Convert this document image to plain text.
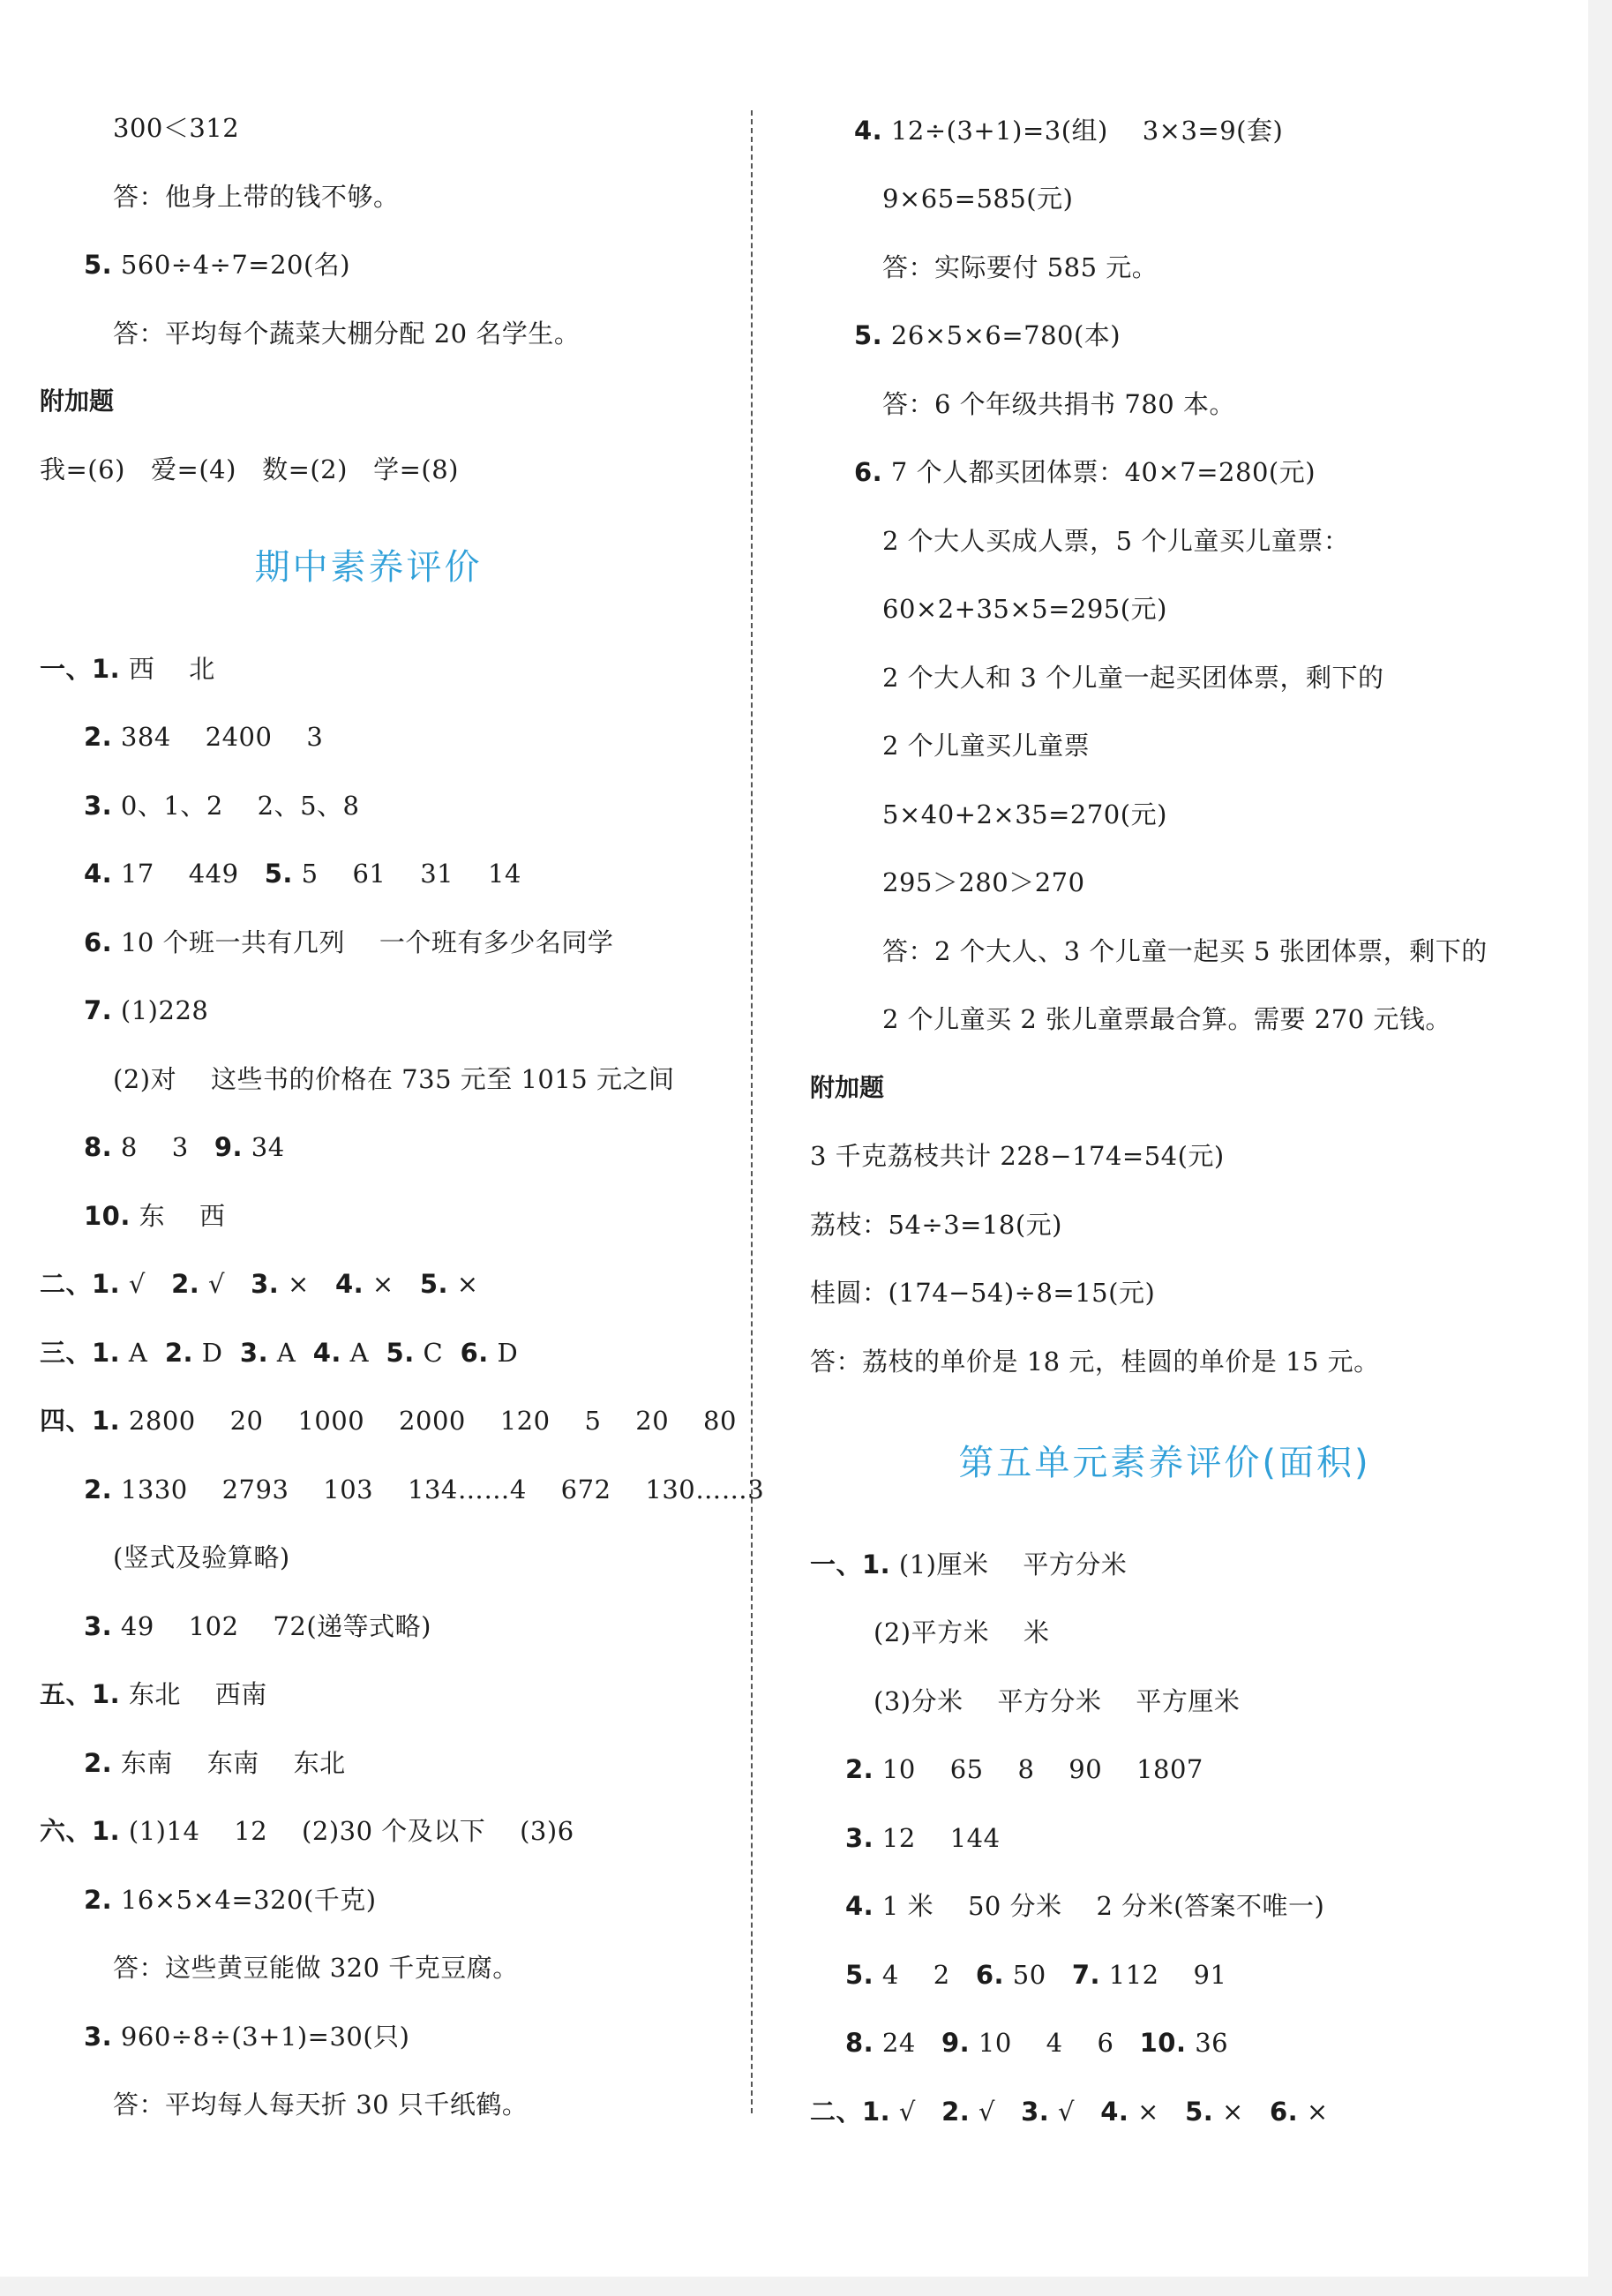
300＜312
答：他身上带的钱不够。
5. 560÷4÷7=20(名)
答：平均每个蔬菜大棚分配 20 名学生。
附加题
我=(6)   爱=(4)   数=(2)   学=(8)
期中素养评价
一、1. 西    北
2. 384    2400    3
3. 0、1、2    2、5、8
4. 17    449   5. 5    61    31    14
6. 10 个班一共有几列    一个班有多少名同学
7. (1)228
(2)对    这些书的价格在 735 元至 1015 元之间
8. 8    3   9. 34
10. 东    西
二、1. √   2. √   3. ×   4. ×   5. ×
三、1. A  2. D  3. A  4. A  5. C  6. D
四、1. 2800    20    1000    2000    120    5    20    80
2. 1330    2793    103    134……4    672    130……3
(竖式及验算略)
3. 49    102    72(递等式略)
五、1. 东北    西南
2. 东南    东南    东北
六、1. (1)14    12    (2)30 个及以下    (3)6
2. 16×5×4=320(千克)
答：这些黄豆能做 320 千克豆腐。
3. 960÷8÷(3+1)=30(只)
答：平均每人每天折 30 只千纸鹤。
4. 12÷(3+1)=3(组)    3×3=9(套)
9×65=585(元)
答：实际要付 585 元。
5. 26×5×6=780(本)
答：6 个年级共捐书 780 本。
6. 7 个人都买团体票：40×7=280(元)
2 个大人买成人票，5 个儿童买儿童票：
60×2+35×5=295(元)
2 个大人和 3 个儿童一起买团体票，剩下的
2 个儿童买儿童票
5×40+2×35=270(元)
295＞280＞270
答：2 个大人、3 个儿童一起买 5 张团体票，剩下的
2 个儿童买 2 张儿童票最合算。需要 270 元钱。
附加题
3 千克荔枝共计 228−174=54(元)
荔枝：54÷3=18(元)
桂圆：(174−54)÷8=15(元)
答：荔枝的单价是 18 元，桂圆的单价是 15 元。
第五单元素养评价(面积)
一、1. (1)厘米    平方分米
(2)平方米    米
(3)分米    平方分米    平方厘米
2. 10    65    8    90    1807
3. 12    144
4. 1 米    50 分米    2 分米(答案不唯一)
5. 4    2   6. 50   7. 112    91
8. 24   9. 10    4    6   10. 36
二、1. √   2. √   3. √   4. ×   5. ×   6. ×
